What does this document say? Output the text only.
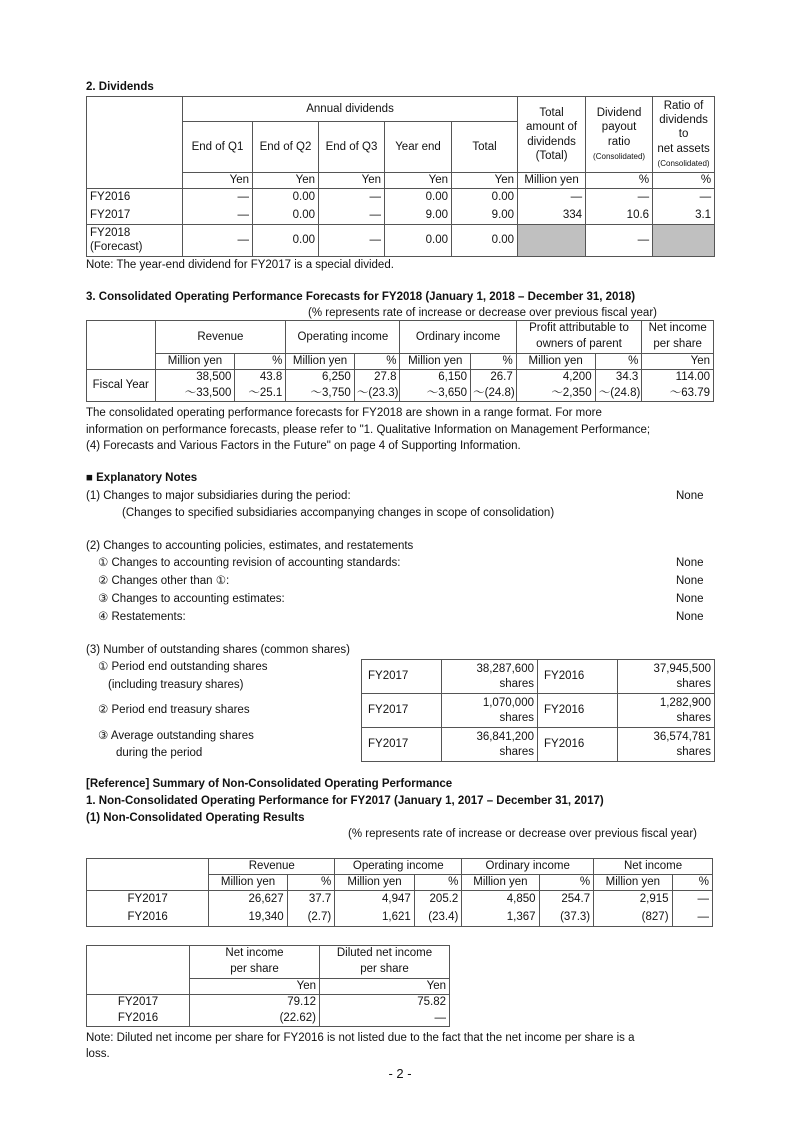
2. Dividends
	Annual dividends					Total
amount of
dividends
(Total)	Dividend
payout
ratio
(Consolidated)	Ratio of
dividends to
net assets
(Consolidated)
	End of Q1	End of Q2	End of Q3	Year end	Total			
	Yen	Yen	Yen	Yen	Yen	Million yen	%	%
FY2016	—	0.00	—	0.00	0.00	—	—	—
FY2017	—	0.00	—	9.00	9.00	334	10.6	3.1
FY2018
(Forecast)	—	0.00	—	0.00	0.00		—	
Note: The year-end dividend for FY2017 is a special divided.
3. Consolidated Operating Performance Forecasts for FY2018 (January 1, 2018 – December 31, 2018)
(% represents rate of increase or decrease over previous fiscal year)
	Revenue		Operating income		Ordinary income		Profit attributable to owners of parent		Net income per share
	Million yen	%	Million yen	%	Million yen	%	Million yen	%	Yen
Fiscal Year	38,500	43.8	6,250	27.8	6,150	26.7	4,200	34.3	114.00
	～33,500	～25.1	～3,750	～(23.3)	～3,650	～(24.8)	～2,350	～(24.8)	～63.79
The consolidated operating performance forecasts for FY2018 are shown in a range format. For more
information on performance forecasts, please refer to "1. Qualitative Information on Management Performance;
(4) Forecasts and Various Factors in the Future" on page 4 of Supporting Information.
■ Explanatory Notes
(1) Changes to major subsidiaries during the period:	None
(Changes to specified subsidiaries accompanying changes in scope of consolidation)
(2) Changes to accounting policies, estimates, and restatements
① Changes to accounting revision of accounting standards:	None
② Changes other than ①:	None
③ Changes to accounting estimates:	None
④ Restatements:	None
(3) Number of outstanding shares (common shares)
① Period end outstanding shares
(including treasury shares)
② Period end treasury shares
③ Average outstanding shares
during the period
FY2017	38,287,600
shares	FY2016	37,945,500
shares
FY2017	1,070,000
shares	FY2016	1,282,900
shares
FY2017	36,841,200
shares	FY2016	36,574,781
shares
[Reference] Summary of Non-Consolidated Operating Performance
1. Non-Consolidated Operating Performance for FY2017 (January 1, 2017 – December 31, 2017)
(1) Non-Consolidated Operating Results
(% represents rate of increase or decrease over previous fiscal year)
	Revenue		Operating income		Ordinary income		Net income	
	Million yen	%	Million yen	%	Million yen	%	Million yen	%
FY2017	26,627	37.7	4,947	205.2	4,850	254.7	2,915	—
FY2016	19,340	(2.7)	1,621	(23.4)	1,367	(37.3)	(827)	—
	Net income
per share	Diluted net income
per share
	Yen	Yen
FY2017	79.12	75.82
FY2016	(22.62)	—
Note: Diluted net income per share for FY2016 is not listed due to the fact that the net income per share is a
loss.
- 2 -
